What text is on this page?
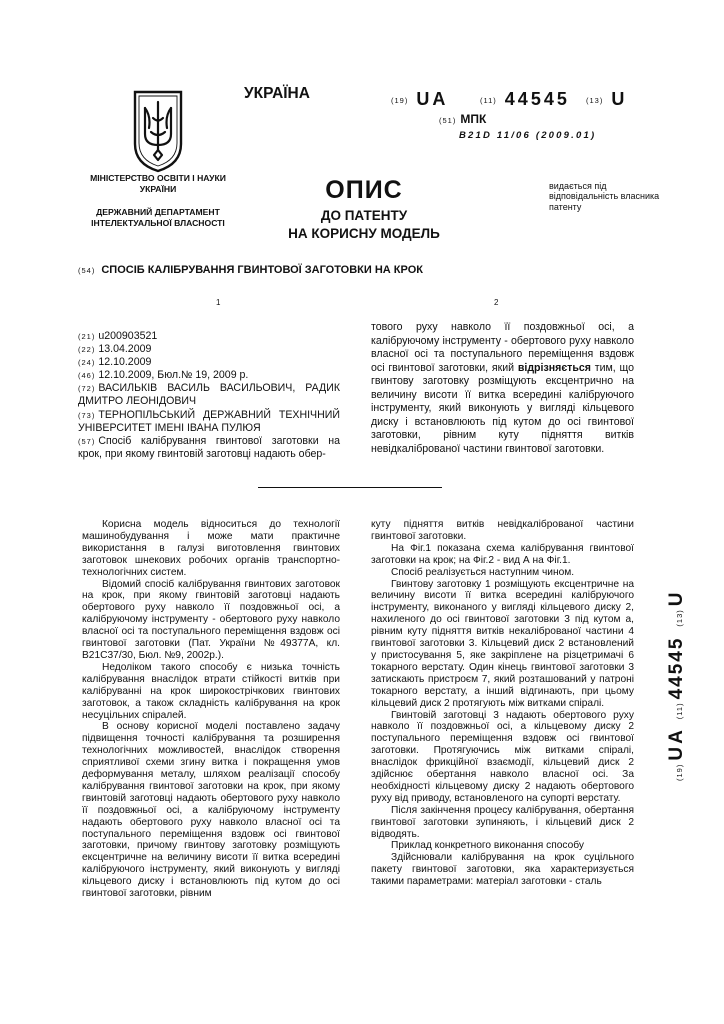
МІНІСТЕРСТВО ОСВІТИ І НАУКИ УКРАЇНИ
ДЕРЖАВНИЙ ДЕПАРТАМЕНТ ІНТЕЛЕКТУАЛЬНОЇ ВЛАСНОСТІ
УКРАЇНА	(19) UA	(11) 44545 (13) U
(51) МПК
B21D 11/06 (2009.01)
ОПИС
ДО ПАТЕНТУ
НА КОРИСНУ МОДЕЛЬ
видається під відповідальність власника патенту
(54) СПОСІБ КАЛІБРУВАННЯ ГВИНТОВОЇ ЗАГОТОВКИ НА КРОК
1	2
(21) u200903521
(22) 13.04.2009
(24) 12.10.2009
(46) 12.10.2009, Бюл.№ 19, 2009 р.
(72) ВАСИЛЬКІВ ВАСИЛЬ ВАСИЛЬОВИЧ, РАДИК ДМИТРО ЛЕОНІДОВИЧ
(73) ТЕРНОПІЛЬСЬКИЙ ДЕРЖАВНИЙ ТЕХНІЧНИЙ УНІВЕРСИТЕТ ІМЕНІ ІВАНА ПУЛЮЯ
(57) Спосіб калібрування гвинтової заготовки на крок, при якому гвинтовій заготовці надають обер-
тового руху навколо її поздовжньої осі, а калібруючому інструменту - обертового руху навколо власної осі та поступального переміщення вздовж осі гвинтової заготовки, який відрізняється тим, що гвинтову заготовку розміщують ексцентрично на величину висоти її витка всередині калібруючого інструменту, який виконують у вигляді кільцевого диску і встановлюють під кутом до осі гвинтової заготовки, рівним куту підняття витків невідкаліброваної частини гвинтової заготовки.

Корисна модель відноситься до технології машинобудування і може мати практичне використання в галузі виготовлення гвинтових заготовок шнекових робочих органів транспортно-технологічних систем.

Відомий спосіб калібрування гвинтових заготовок на крок, при якому гвинтовій заготовці надають обертового руху навколо її поздовжньої осі, а калібруючому інструменту - обертового руху навколо власної осі та поступального переміщення вздовж осі гвинтової заготовки (Пат. України №49377А, кл. В21С37/30, Бюл. №9, 2002р.).

Недоліком такого способу є низька точність калібрування внаслідок втрати стійкості витків при калібруванні на крок широкострічкових гвинтових заготовок, а також складність калібрування на крок несуцільних спіралей.

В основу корисної моделі поставлено задачу підвищення точності калібрування та розширення технологічних можливостей, внаслідок створення сприятливої схеми згину витка і покращення умов деформування металу, шляхом реалізації способу калібрування гвинтової заготовки на крок, при якому гвинтовій заготовці надають обертового руху навколо її поздовжньої осі, а калібруючому інструменту надають обертового руху навколо власної осі та поступального переміщення вздовж осі гвинтової заготовки, причому гвинтову заготовку розміщують ексцентричне на величину висоти її витка всередині калібруючого інструменту, який виконують у вигляді кільцевого диску і встановлюють під кутом до осі гвинтової заготовки, рівним

куту підняття витків невідкаліброваної частини гвинтової заготовки.

На Фіг.1 показана схема калібрування гвинтової заготовки на крок; на Фіг.2 - вид А на Фіг.1.

Спосіб реалізується наступним чином.

Гвинтову заготовку 1 розміщують ексцентричне на величину висоти її витка всередині калібруючого інструменту, виконаного у вигляді кільцевого диску 2, нахиленого до осі гвинтової заготовки 3 під кутом а, рівним куту підняття витків некаліброваної частини 4 гвинтової заготовки 3. Кільцевий диск 2 встановлений у пристосування 5, яке закріплене на різцетримачі 6 токарного верстату. Один кінець гвинтової заготовки 3 затискають пристроєм 7, який розташований у патроні токарного верстату, а інший відгинають, при цьому кільцевий диск 2 протягують між витками спіралі.

Гвинтовій заготовці 3 надають обертового руху навколо її поздовжньої осі, а кільцевому диску 2 поступального переміщення вздовж осі гвинтової заготовки. Протягуючись між витками спіралі, внаслідок фрикційної взаємодії, кільцевий диск 2 здійснює обертання навколо власної осі. За необхідності кільцевому диску 2 надають обертового руху від приводу, встановленого на супорті верстату.

Після закінчення процесу калібрування, обертання гвинтової заготовки зупиняють, і кільцевий диск 2 відводять.

Приклад конкретного виконання способу

Здійснювали калібрування на крок суцільного пакету гвинтової заготовки, яка характеризується такими параметрами: матеріал заготовки - сталь

(19) UA (11) 44545 (13) U
